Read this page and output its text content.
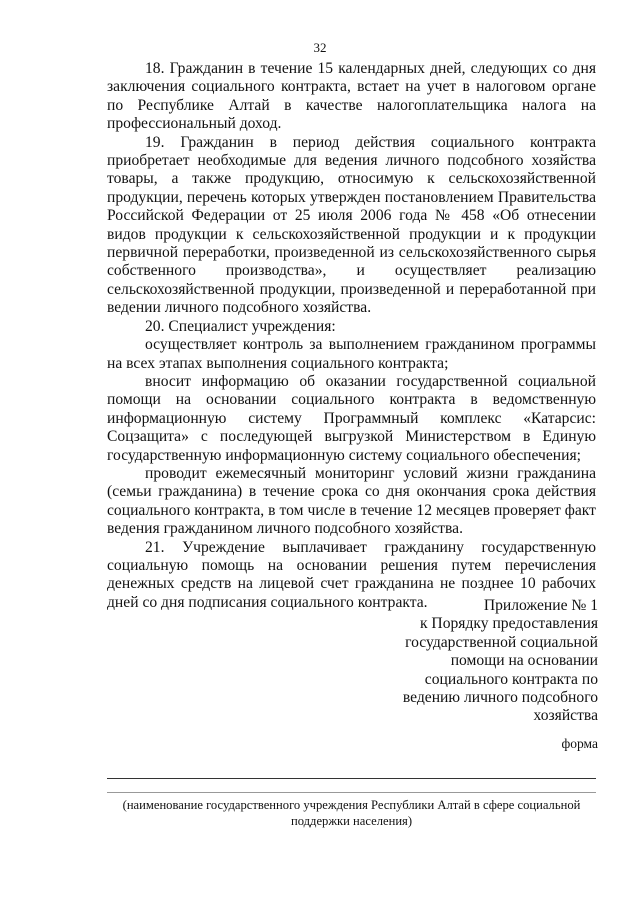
32

18. Гражданин в течение 15 календарных дней, следующих со дня заключения социального контракта, встает на учет в налоговом органе по Республике Алтай в качестве налогоплательщика налога на профессиональный доход.

19. Гражданин в период действия социального контракта приобретает необходимые для ведения личного подсобного хозяйства товары, а также продукцию, относимую к сельскохозяйственной продукции, перечень которых утвержден постановлением Правительства Российской Федерации от 25 июля 2006 года № 458 «Об отнесении видов продукции к сельскохозяйственной продукции и к продукции первичной переработки, произведенной из сельскохозяйственного сырья собственного производства», и осуществляет реализацию сельскохозяйственной продукции, произведенной и переработанной при ведении личного подсобного хозяйства.

20. Специалист учреждения:

осуществляет контроль за выполнением гражданином программы на всех этапах выполнения социального контракта;

вносит информацию об оказании государственной социальной помощи на основании социального контракта в ведомственную информационную систему Программный комплекс «Катарсис: Соцзащита» с последующей выгрузкой Министерством в Единую государственную информационную систему социального обеспечения;

проводит ежемесячный мониторинг условий жизни гражданина (семьи гражданина) в течение срока со дня окончания срока действия социального контракта, в том числе в течение 12 месяцев проверяет факт ведения гражданином личного подсобного хозяйства.

21. Учреждение выплачивает гражданину государственную социальную помощь на основании решения путем перечисления денежных средств на лицевой счет гражданина не позднее 10 рабочих дней со дня подписания социального контракта.	Приложение № 1
к Порядку предоставления
государственной социальной
помощи на основании
социального контракта по
ведению личного подсобного
хозяйства
форма
(наименование государственного учреждения Республики Алтай в сфере социальной поддержки населения)
